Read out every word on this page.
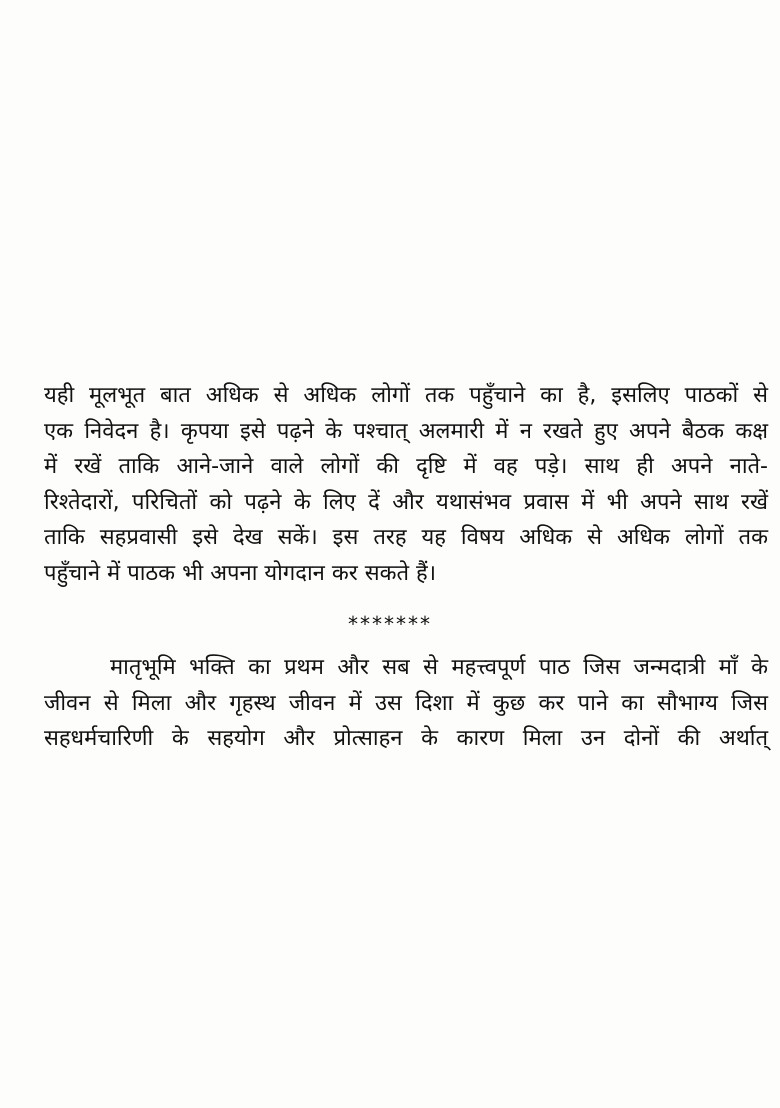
यही मूलभूत बात अधिक से अधिक लोगों तक पहुँचाने का है, इसलिए पाठकों से
एक निवेदन है। कृपया इसे पढ़ने के पश्चात् अलमारी में न रखते हुए अपने बैठक कक्ष
में रखें ताकि आने-जाने वाले लोगों की दृष्टि में वह पड़े। साथ ही अपने नाते-
रिश्तेदारों, परिचितों को पढ़ने के लिए दें और यथासंभव प्रवास में भी अपने साथ रखें
ताकि सहप्रवासी इसे देख सकें। इस तरह यह विषय अधिक से अधिक लोगों तक
पहुँचाने में पाठक भी अपना योगदान कर सकते हैं।
*******
मातृभूमि भक्ति का प्रथम और सब से महत्त्वपूर्ण पाठ जिस जन्मदात्री माँ के
जीवन से मिला और गृहस्थ जीवन में उस दिशा में कुछ कर पाने का सौभाग्य जिस
सहधर्मचारिणी के सहयोग और प्रोत्साहन के कारण मिला उन दोनों की अर्थात्
